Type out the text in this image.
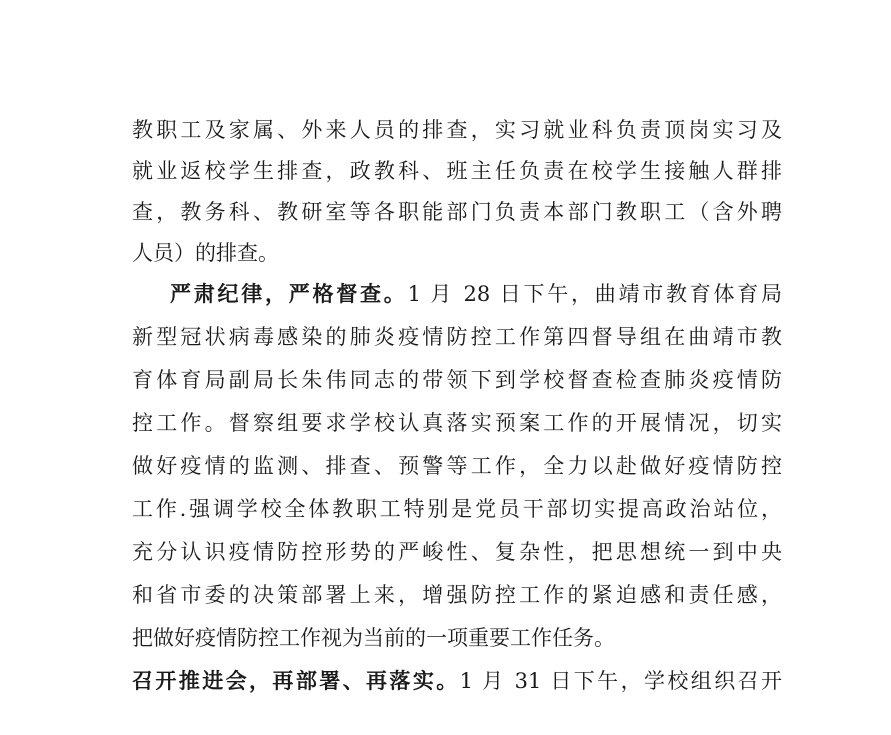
教职工及家属、外来人员的排查，实习就业科负责顶岗实习及
就业返校学生排查，政教科、班主任负责在校学生接触人群排
查，教务科、教研室等各职能部门负责本部门教职工（含外聘
人员）的排查。
严肃纪律，严格督查。1 月 28 日下午，曲靖市教育体育局
新型冠状病毒感染的肺炎疫情防控工作第四督导组在曲靖市教
育体育局副局长朱伟同志的带领下到学校督查检查肺炎疫情防
控工作。督察组要求学校认真落实预案工作的开展情况，切实
做好疫情的监测、排查、预警等工作，全力以赴做好疫情防控
工作.强调学校全体教职工特别是党员干部切实提高政治站位，
充分认识疫情防控形势的严峻性、复杂性，把思想统一到中央
和省市委的决策部署上来，增强防控工作的紧迫感和责任感，
把做好疫情防控工作视为当前的一项重要工作任务。
召开推进会，再部署、再落实。1 月 31 日下午，学校组织召开
